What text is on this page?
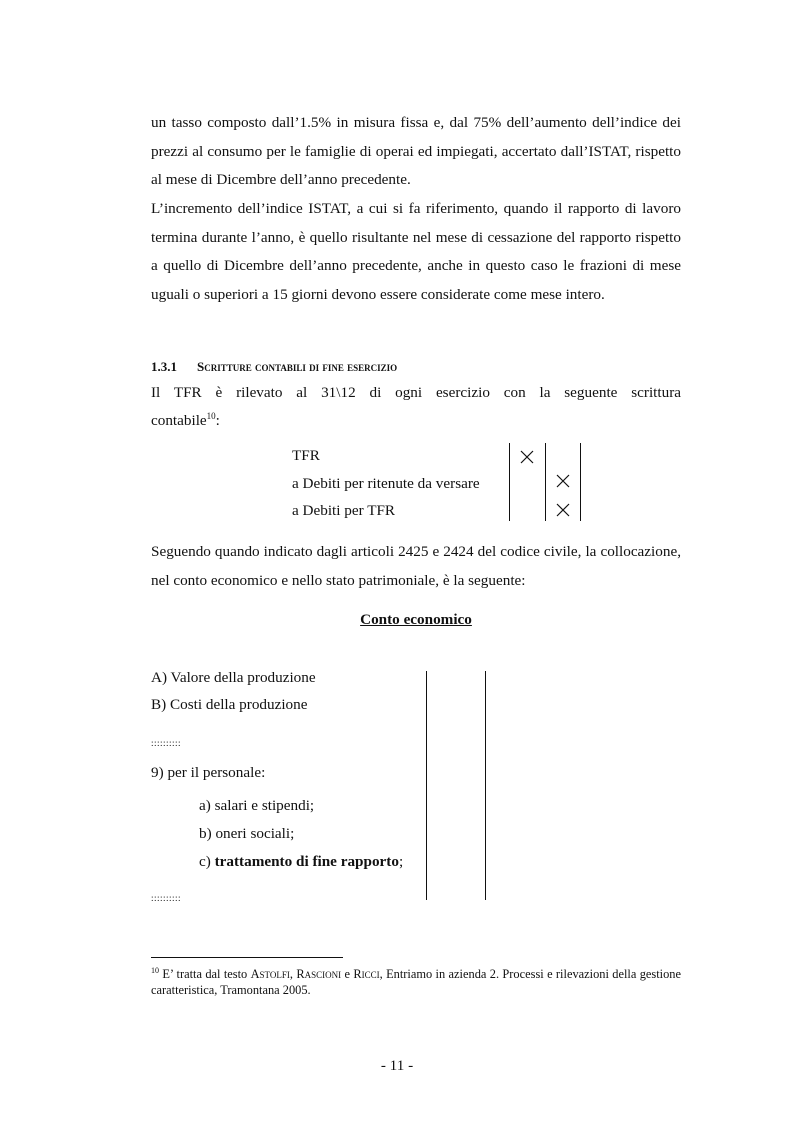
un tasso composto dall’1.5% in misura fissa e, dal 75% dell’aumento dell’indice dei prezzi al consumo per le famiglie di operai ed impiegati, accertato dall’ISTAT, rispetto al mese di Dicembre dell’anno precedente.
L’incremento dell’indice ISTAT, a cui si fa riferimento, quando il rapporto di lavoro termina durante l’anno, è quello risultante nel mese di cessazione del rapporto rispetto a quello di Dicembre dell’anno precedente, anche in questo caso le frazioni di mese uguali o superiori a 15 giorni devono essere considerate come mese intero.
1.3.1 Scritture contabili di fine esercizio
Il TFR è rilevato al 31\12 di ogni esercizio con la seguente scrittura
contabile$^{10}$:
TFR
a Debiti per ritenute da versare
a Debiti per TFR
Seguendo quando indicato dagli articoli 2425 e 2424 del codice civile, la collocazione, nel conto economico e nello stato patrimoniale, è la seguente:
Conto economico
A) Valore della produzione
B) Costi della produzione
::::::::::
9) per il personale:
a) salari e stipendi;
b) oneri sociali;
c) trattamento di fine rapporto;
::::::::::
$^{10}$ E’ tratta dal testo Astolfi, Rascioni e Ricci, Entriamo in azienda 2. Processi e rilevazioni della gestione caratteristica, Tramontana 2005.
- 11 -
